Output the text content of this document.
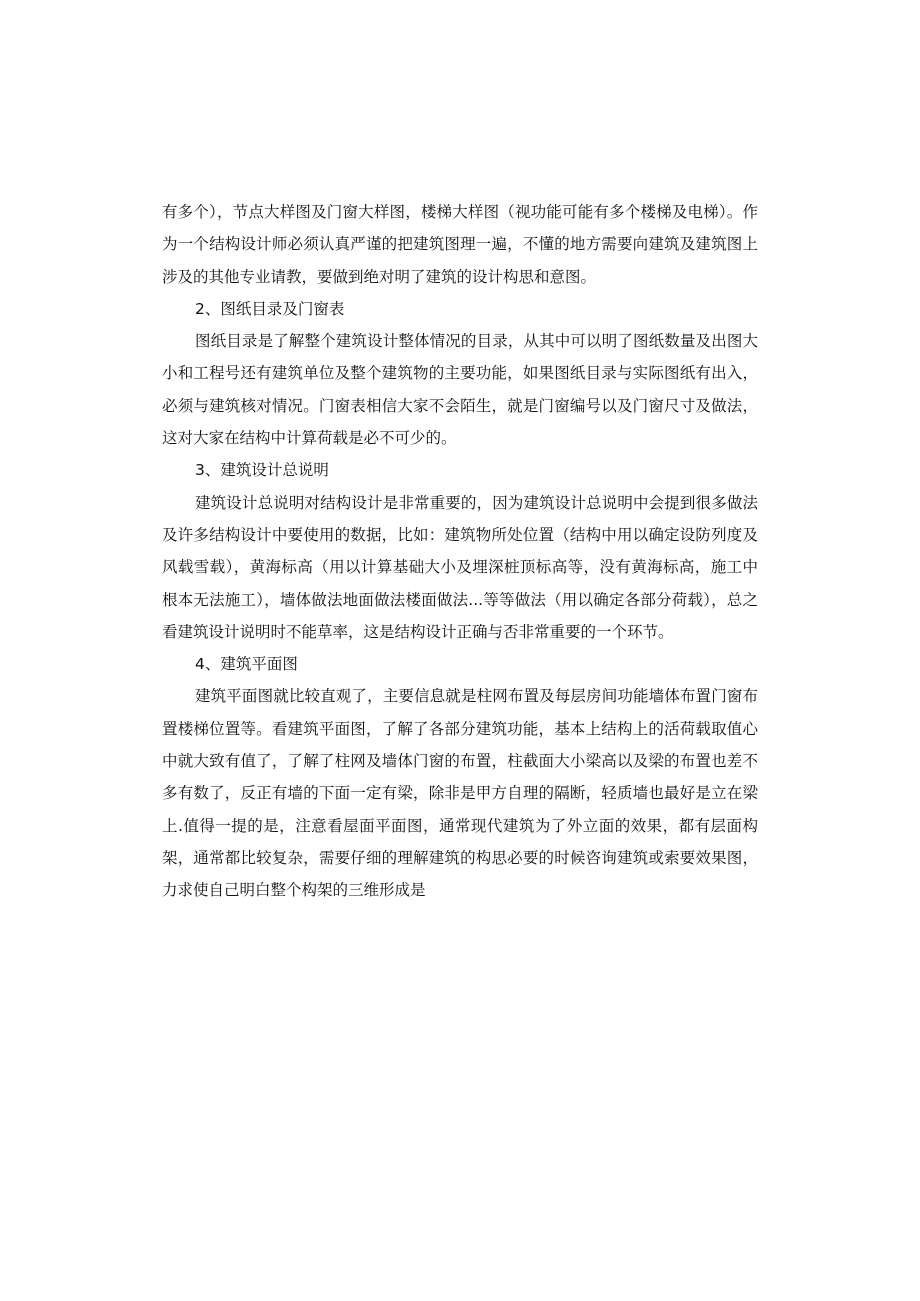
有多个），节点大样图及门窗大样图，楼梯大样图（视功能可能有多个楼梯及电梯）。作为一个结构设计师必须认真严谨的把建筑图理一遍，不懂的地方需要向建筑及建筑图上涉及的其他专业请教，要做到绝对明了建筑的设计构思和意图。

2、图纸目录及门窗表

图纸目录是了解整个建筑设计整体情况的目录，从其中可以明了图纸数量及出图大小和工程号还有建筑单位及整个建筑物的主要功能，如果图纸目录与实际图纸有出入，必须与建筑核对情况。门窗表相信大家不会陌生，就是门窗编号以及门窗尺寸及做法，这对大家在结构中计算荷载是必不可少的。

3、建筑设计总说明

建筑设计总说明对结构设计是非常重要的，因为建筑设计总说明中会提到很多做法及许多结构设计中要使用的数据，比如：建筑物所处位置（结构中用以确定设防列度及风载雪载），黄海标高（用以计算基础大小及埋深桩顶标高等，没有黄海标高，施工中根本无法施工），墙体做法地面做法楼面做法...等等做法（用以确定各部分荷载），总之看建筑设计说明时不能草率，这是结构设计正确与否非常重要的一个环节。

4、建筑平面图

建筑平面图就比较直观了，主要信息就是柱网布置及每层房间功能墙体布置门窗布置楼梯位置等。看建筑平面图，了解了各部分建筑功能，基本上结构上的活荷载取值心中就大致有值了，了解了柱网及墙体门窗的布置，柱截面大小梁高以及梁的布置也差不多有数了，反正有墙的下面一定有梁，除非是甲方自理的隔断，轻质墙也最好是立在梁上.值得一提的是，注意看屋面平面图，通常现代建筑为了外立面的效果，都有层面构架，通常都比较复杂，需要仔细的理解建筑的构思必要的时候咨询建筑或索要效果图，力求使自己明白整个构架的三维形成是
